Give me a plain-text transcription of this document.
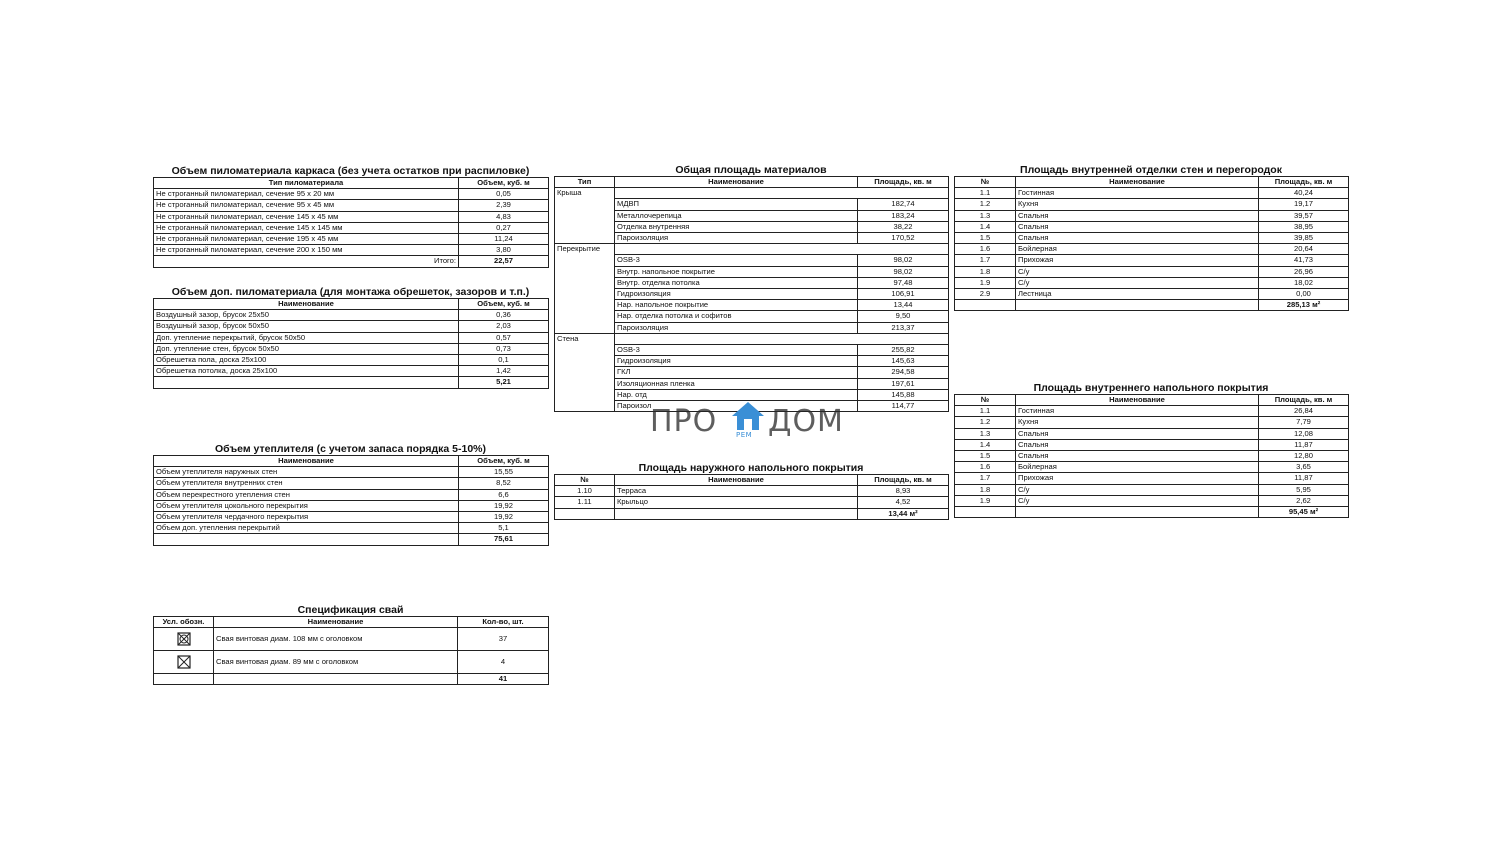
Объем пиломатериала каркаса (без учета остатков при распиловке)
Тип пиломатериала	Объем, куб. м
Не строганный пиломатериал, сечение 95 х 20 мм	0,05
Не строганный пиломатериал, сечение 95 х 45 мм	2,39
Не строганный пиломатериал, сечение 145 х 45 мм	4,83
Не строганный пиломатериал, сечение 145 х 145 мм	0,27
Не строганный пиломатериал, сечение 195 х 45 мм	11,24
Не строганный пиломатериал, сечение 200 х 150 мм	3,80
Итого:	22,57
Объем доп. пиломатериала (для монтажа обрешеток, зазоров и т.п.)
Наименование	Объем, куб. м
Воздушный зазор, брусок 25х50	0,36
Воздушный зазор, брусок 50х50	2,03
Доп. утепление перекрытий, брусок 50х50	0,57
Доп. утепление стен, брусок 50х50	0,73
Обрешетка пола, доска 25х100	0,1
Обрешетка потолка, доска 25х100	1,42
	5,21
Объем утеплителя (с учетом запаса порядка 5-10%)
Наименование	Объем, куб. м
Объем утеплителя наружных стен	15,55
Объем утеплителя внутренних стен	8,52
Объем перекрестного утепления стен	6,6
Объем утеплителя цокольного перекрытия	19,92
Объем утеплителя чердачного перекрытия	19,92
Объем доп. утепления перекрытий	5,1
	75,61
Спецификация свай
Усл. обозн.	Наименование	Кол-во, шт.
	Свая винтовая диам. 108 мм с оголовком	37
	Свая винтовая диам. 89 мм с оголовком	4
		41
Общая площадь материалов
Тип	Наименование	Площадь, кв. м
Крыша		
	МДВП	182,74
	Металлочерепица	183,24
	Отделка внутренняя	38,22
	Пароизоляция	170,52
Перекрытие		
	OSB-3	98,02
	Внутр. напольное покрытие	98,02
	Внутр. отделка потолка	97,48
	Гидроизоляция	106,91
	Нар. напольное покрытие	13,44
	Нар. отделка потолка и софитов	9,50
	Пароизоляция	213,37
Стена		
	OSB-3	255,82
	Гидроизоляция	145,63
	ГКЛ	294,58
	Изоляционная пленка	197,61
	Нар. отд	145,88
	Пароизол	114,77
Площадь наружного напольного покрытия
№	Наименование	Площадь, кв. м
1.10	Терраса	8,93
1.11	Крыльцо	4,52
		13,44 м²
Площадь внутренней отделки стен и перегородок
№	Наименование	Площадь, кв. м
1.1	Гостинная	40,24
1.2	Кухня	19,17
1.3	Спальня	39,57
1.4	Спальня	38,95
1.5	Спальня	39,85
1.6	Бойлерная	20,64
1.7	Прихожая	41,73
1.8	С/у	26,96
1.9	С/у	18,02
2.9	Лестница	0,00
		285,13 м²
Площадь внутреннего напольного покрытия
№	Наименование	Площадь, кв. м
1.1	Гостинная	26,84
1.2	Кухня	7,79
1.3	Спальня	12,08
1.4	Спальня	11,87
1.5	Спальня	12,80
1.6	Бойлерная	3,65
1.7	Прихожая	11,87
1.8	С/у	5,95
1.9	С/у	2,62
		95,45 м²
ПРО ДОМ
РЕМ
